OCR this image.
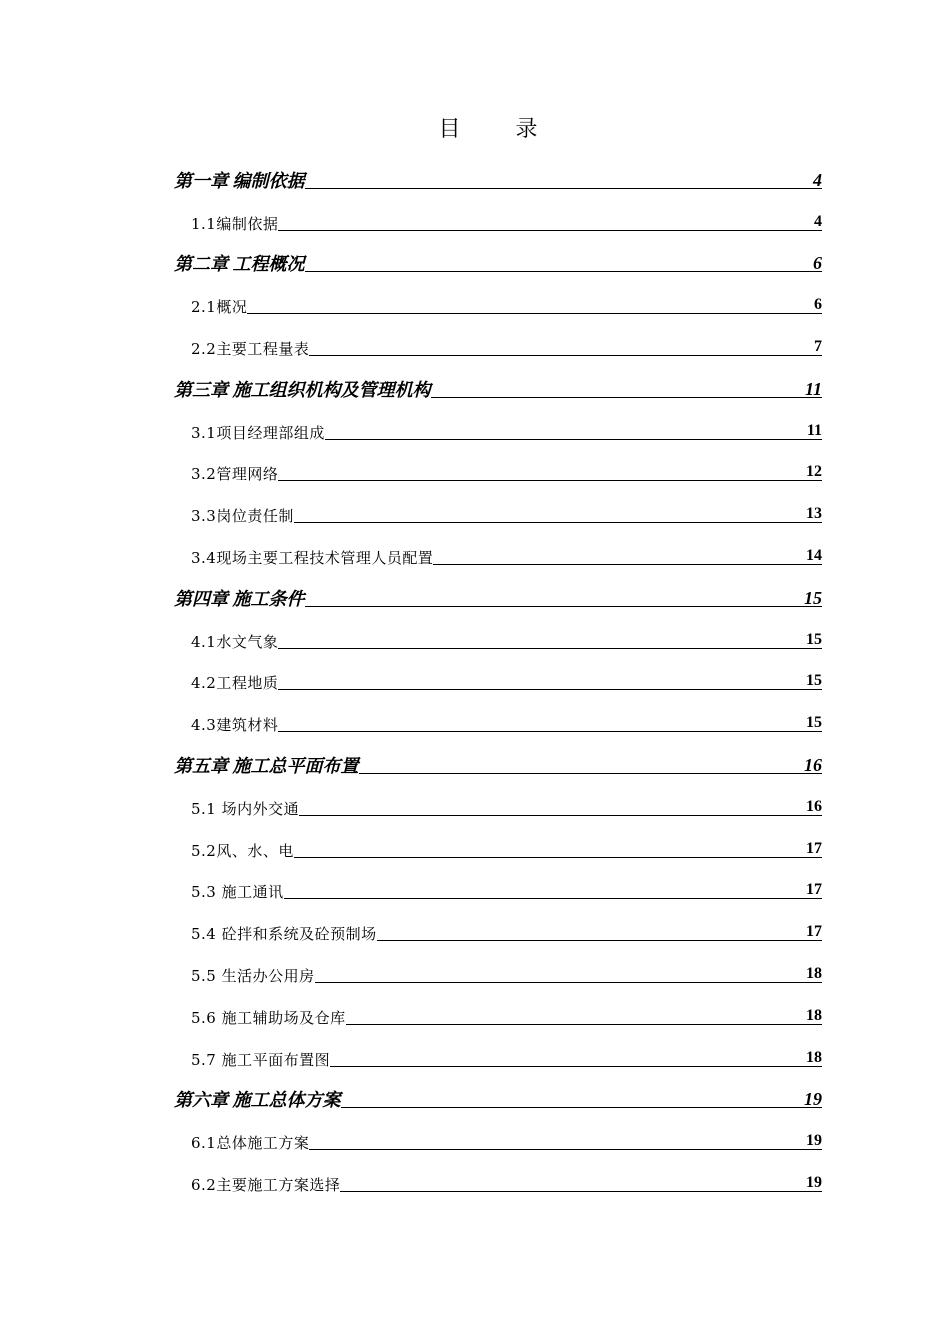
目 录
第一章 编制依据	4
1.1编制依据	4
第二章 工程概况	6
2.1概况	6
2.2主要工程量表	7
第三章 施工组织机构及管理机构	11
3.1项目经理部组成	11
3.2管理网络	12
3.3岗位责任制	13
3.4现场主要工程技术管理人员配置	14
第四章 施工条件	15
4.1水文气象	15
4.2工程地质	15
4.3建筑材料	15
第五章 施工总平面布置	16
5.1 场内外交通	16
5.2风、水、电	17
5.3 施工通讯	17
5.4 砼拌和系统及砼预制场	17
5.5 生活办公用房	18
5.6 施工辅助场及仓库	18
5.7 施工平面布置图	18
第六章 施工总体方案	19
6.1总体施工方案	19
6.2主要施工方案选择	19
